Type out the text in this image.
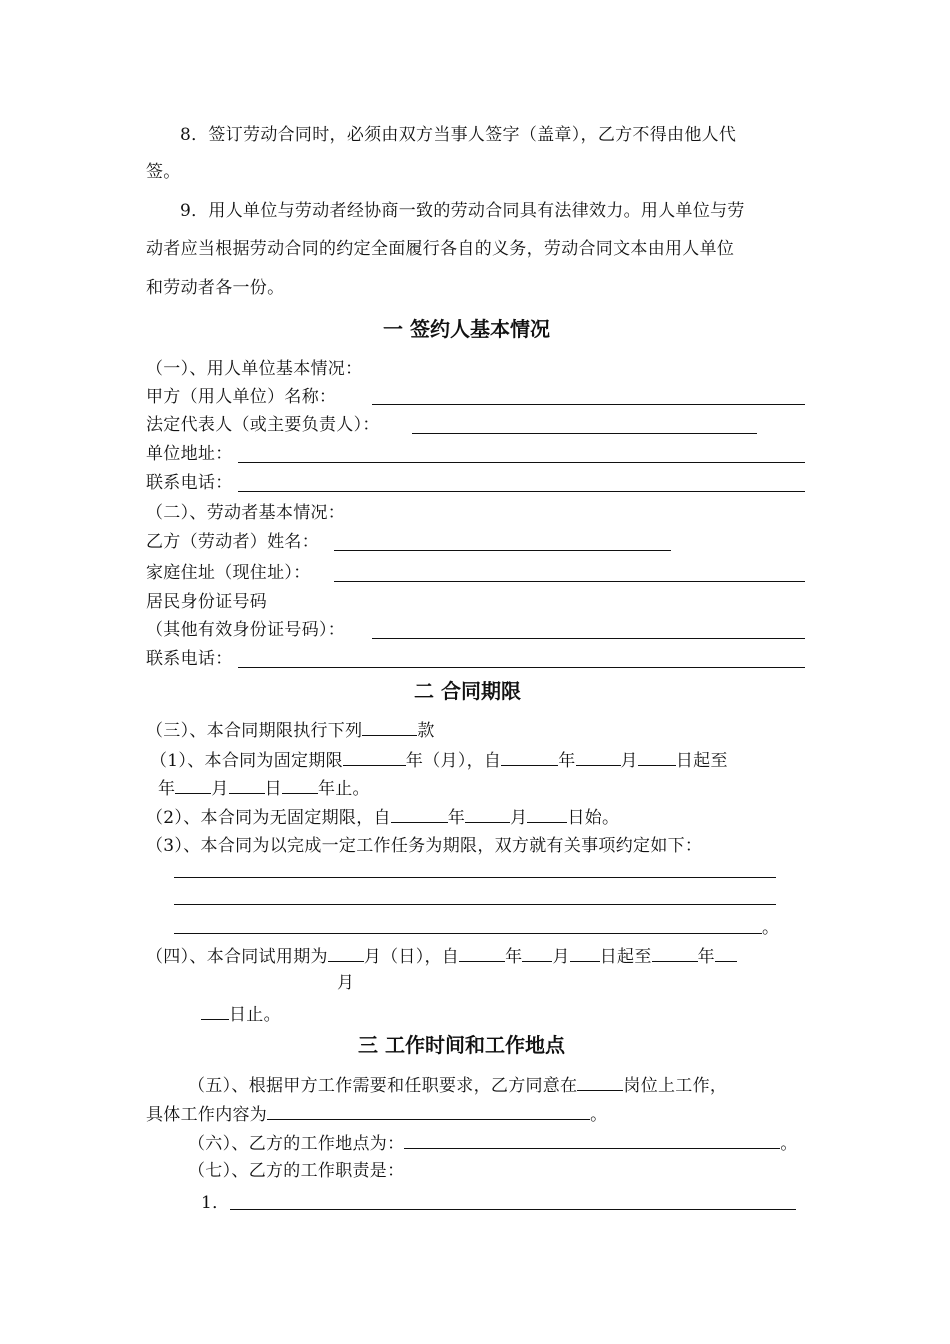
8．签订劳动合同时，必须由双方当事人签字（盖章），乙方不得由他人代
签。
9．用人单位与劳动者经协商一致的劳动合同具有法律效力。用人单位与劳
动者应当根据劳动合同的约定全面履行各自的义务，劳动合同文本由用人单位
和劳动者各一份。
一 签约人基本情况
（一）、用人单位基本情况：
甲方（用人单位）名称：
法定代表人（或主要负责人）：
单位地址：
联系电话：
（二）、劳动者基本情况：
乙方（劳动者）姓名：
家庭住址（现住址）：
居民身份证号码
（其他有效身份证号码）：
联系电话：
二 合同期限
（三）、本合同期限执行下列	款
（1）、本合同为固定期限	年（月），自	年	月 日起至
年 月 日 年止。
（2）、本合同为无固定期限，自	年	月 日始。
（3）、本合同为以完成一定工作任务为期限，双方就有关事项约定如下：
。
（四）、本合同试用期为 月（日），自	年 月 日起至	年
月
日止。
三 工作时间和工作地点
（五）、根据甲方工作需要和任职要求，乙方同意在	岗位上工作，
具体工作内容为	。
（六）、乙方的工作地点为：	。
（七）、乙方的工作职责是：
1．
